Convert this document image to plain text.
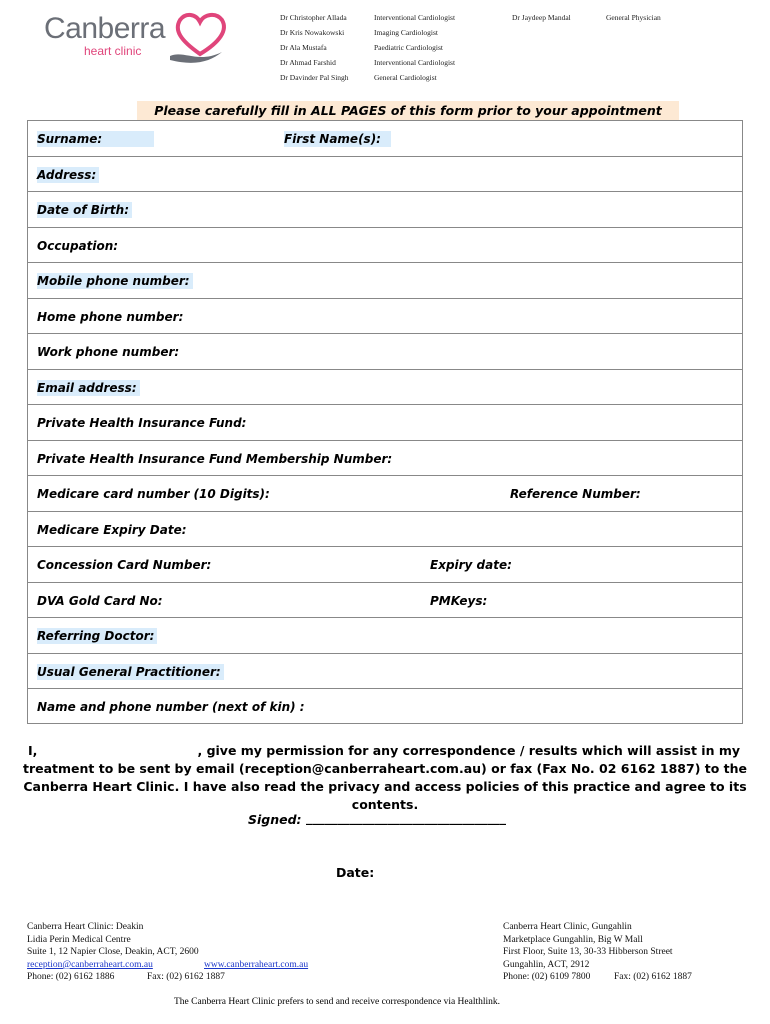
Canberra
heart clinic
Dr Christopher Allada	Interventional Cardiologist
Dr Kris Nowakowski	Imaging Cardiologist
Dr Ala Mustafa	Paediatric Cardiologist
Dr Ahmad Farshid	Interventional Cardiologist
Dr Davinder Pal Singh	General Cardiologist
Dr Jaydeep Mandal	General Physician
Please carefully fill in ALL PAGES of this form prior to your appointment
Surname:	First Name(s):
Address:
Date of Birth:
Occupation:
Mobile phone number:
Home phone number:
Work phone number:
Email address:
Private Health Insurance Fund:
Private Health Insurance Fund Membership Number:
Medicare card number (10 Digits):	Reference Number:
Medicare Expiry Date:
Concession Card Number:	Expiry date:
DVA Gold Card No:	PMKeys:
Referring Doctor:
Usual General Practitioner:
Name and phone number (next of kin) :
I,	, give my permission for any correspondence / results which will assist in my
treatment to be sent by email (reception@canberraheart.com.au) or fax (Fax No. 02 6162 1887) to the
Canberra Heart Clinic. I have also read the privacy and access policies of this practice and agree to its contents.
Signed: ________________________________
Date:
Canberra Heart Clinic: Deakin
Lidia Perin Medical Centre
Suite 1, 12 Napier Close, Deakin, ACT, 2600
reception@canberraheart.com.au	www.canberraheart.com.au
Phone: (02) 6162 1886	Fax: (02) 6162 1887
Canberra Heart Clinic, Gungahlin
Marketplace Gungahlin, Big W Mall
First Floor, Suite 13, 30-33 Hibberson Street
Gungahlin, ACT, 2912
Phone: (02) 6109 7800 Fax: (02) 6162 1887
The Canberra Heart Clinic prefers to send and receive correspondence via Healthlink.
